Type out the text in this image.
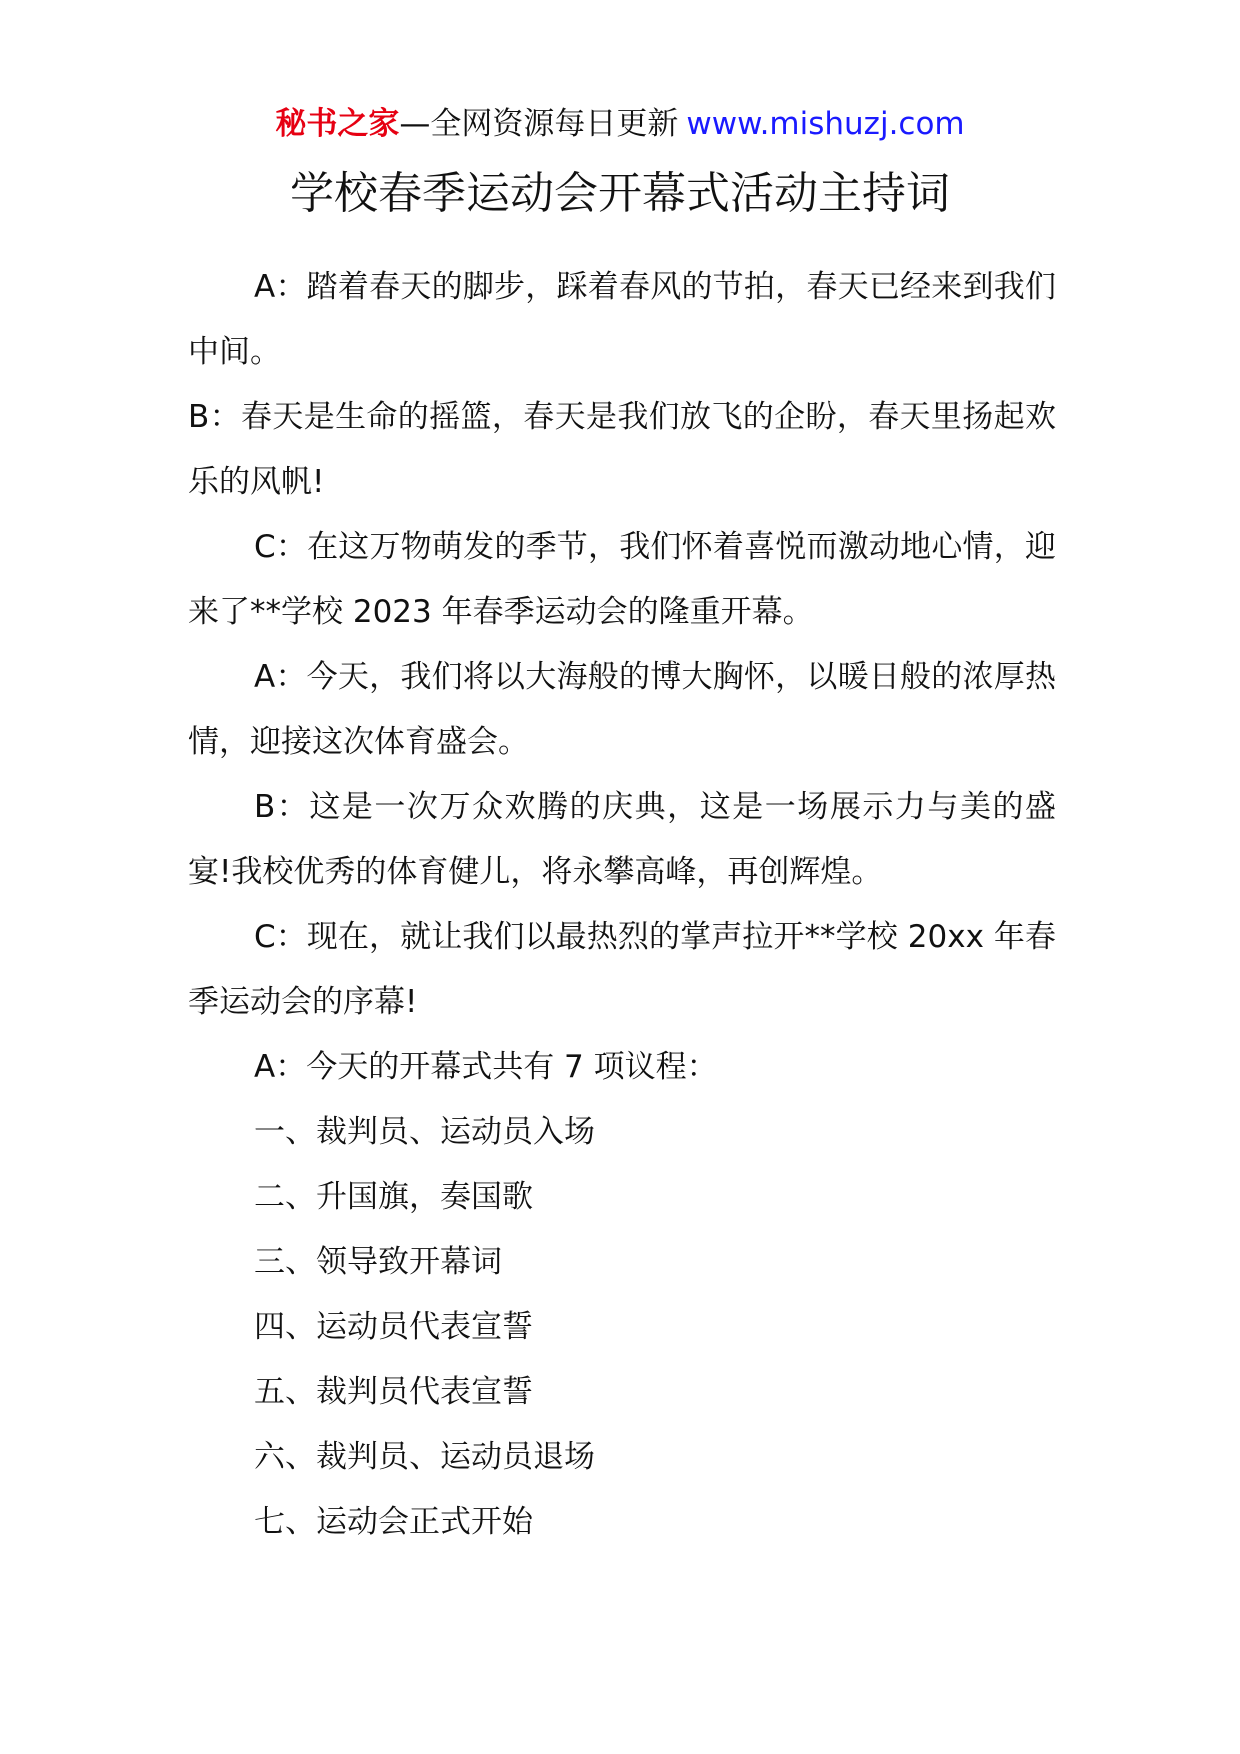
秘书之家—全网资源每日更新 www.mishuzj.com
学校春季运动会开幕式活动主持词

A：踏着春天的脚步，踩着春风的节拍，春天已经来到我们中间。

B：春天是生命的摇篮，春天是我们放飞的企盼，春天里扬起欢乐的风帆!

C：在这万物萌发的季节，我们怀着喜悦而激动地心情，迎来了**学校 2023 年春季运动会的隆重开幕。

A：今天，我们将以大海般的博大胸怀，以暖日般的浓厚热情，迎接这次体育盛会。

B：这是一次万众欢腾的庆典，这是一场展示力与美的盛宴!我校优秀的体育健儿，将永攀高峰，再创辉煌。

C：现在，就让我们以最热烈的掌声拉开**学校 20xx 年春季运动会的序幕!

A：今天的开幕式共有 7 项议程：

一、裁判员、运动员入场

二、升国旗，奏国歌

三、领导致开幕词

四、运动员代表宣誓

五、裁判员代表宣誓

六、裁判员、运动员退场

七、运动会正式开始
